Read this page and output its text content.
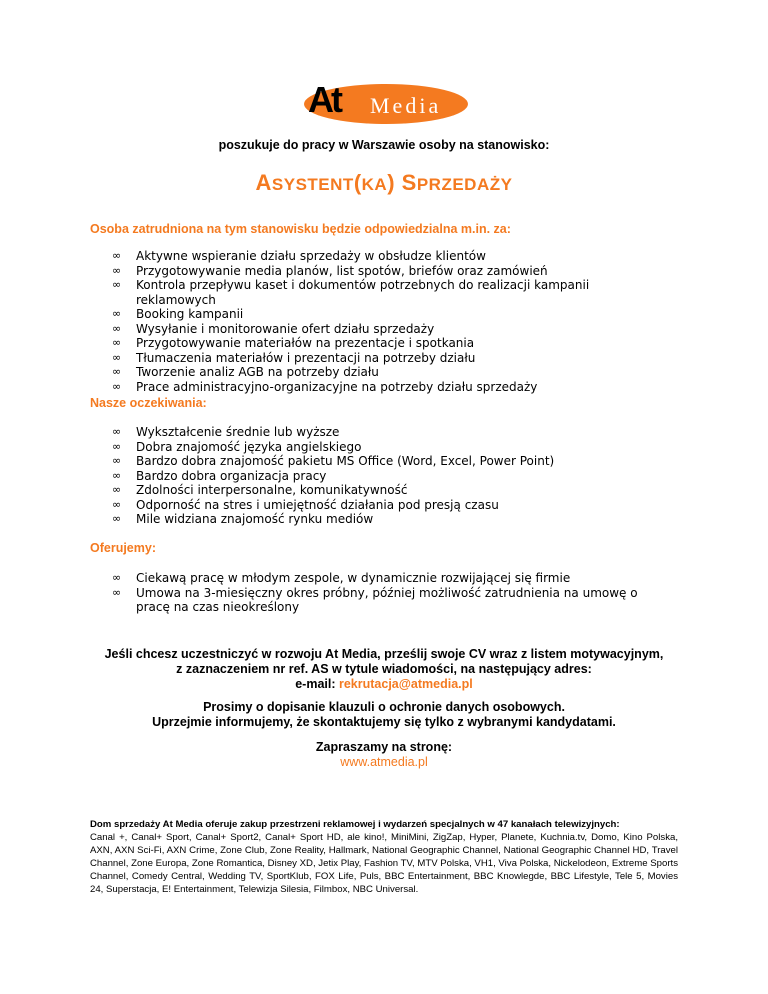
At Media
poszukuje do pracy w Warszawie osoby na stanowisko:
ASYSTENT(KA) SPRZEDAŻY
Osoba zatrudniona na tym stanowisku będzie odpowiedzialna m.in. za:
∞ Aktywne wspieranie działu sprzedaży w obsłudze klientów
∞ Przygotowywanie media planów, list spotów, briefów oraz zamówień
∞ Kontrola przepływu kaset i dokumentów potrzebnych do realizacji kampanii reklamowych
∞ Booking kampanii
∞ Wysyłanie i monitorowanie ofert działu sprzedaży
∞ Przygotowywanie materiałów na prezentacje i spotkania
∞ Tłumaczenia materiałów i prezentacji na potrzeby działu
∞ Tworzenie analiz AGB na potrzeby działu
∞ Prace administracyjno-organizacyjne na potrzeby działu sprzedaży
Nasze oczekiwania:
∞ Wykształcenie średnie lub wyższe
∞ Dobra znajomość języka angielskiego
∞ Bardzo dobra znajomość pakietu MS Office (Word, Excel, Power Point)
∞ Bardzo dobra organizacja pracy
∞ Zdolności interpersonalne, komunikatywność
∞ Odporność na stres i umiejętność działania pod presją czasu
∞ Mile widziana znajomość rynku mediów
Oferujemy:
∞ Ciekawą pracę w młodym zespole, w dynamicznie rozwijającej się firmie
∞ Umowa na 3-miesięczny okres próbny, później możliwość zatrudnienia na umowę o pracę na czas nieokreślony
Jeśli chcesz uczestniczyć w rozwoju At Media, prześlij swoje CV wraz z listem motywacyjnym,
z zaznaczeniem nr ref. AS w tytule wiadomości, na następujący adres:
e-mail: rekrutacja@atmedia.pl
Prosimy o dopisanie klauzuli o ochronie danych osobowych.
Uprzejmie informujemy, że skontaktujemy się tylko z wybranymi kandydatami.
Zapraszamy na stronę:
www.atmedia.pl
Dom sprzedaży At Media oferuje zakup przestrzeni reklamowej i wydarzeń specjalnych w 47 kanałach telewizyjnych:
Canal +, Canal+ Sport, Canal+ Sport2, Canal+ Sport HD, ale kino!, MiniMini, ZigZap, Hyper, Planete, Kuchnia.tv, Domo, Kino Polska, AXN, AXN Sci-Fi, AXN Crime, Zone Club, Zone Reality, Hallmark, National Geographic Channel, National Geographic Channel HD, Travel Channel, Zone Europa, Zone Romantica, Disney XD, Jetix Play, Fashion TV, MTV Polska, VH1, Viva Polska, Nickelodeon, Extreme Sports Channel, Comedy Central, Wedding TV, SportKlub, FOX Life, Puls, BBC Entertainment, BBC Knowlegde, BBC Lifestyle, Tele 5, Movies 24, Superstacja, E! Entertainment, Telewizja Silesia, Filmbox, NBC Universal.
